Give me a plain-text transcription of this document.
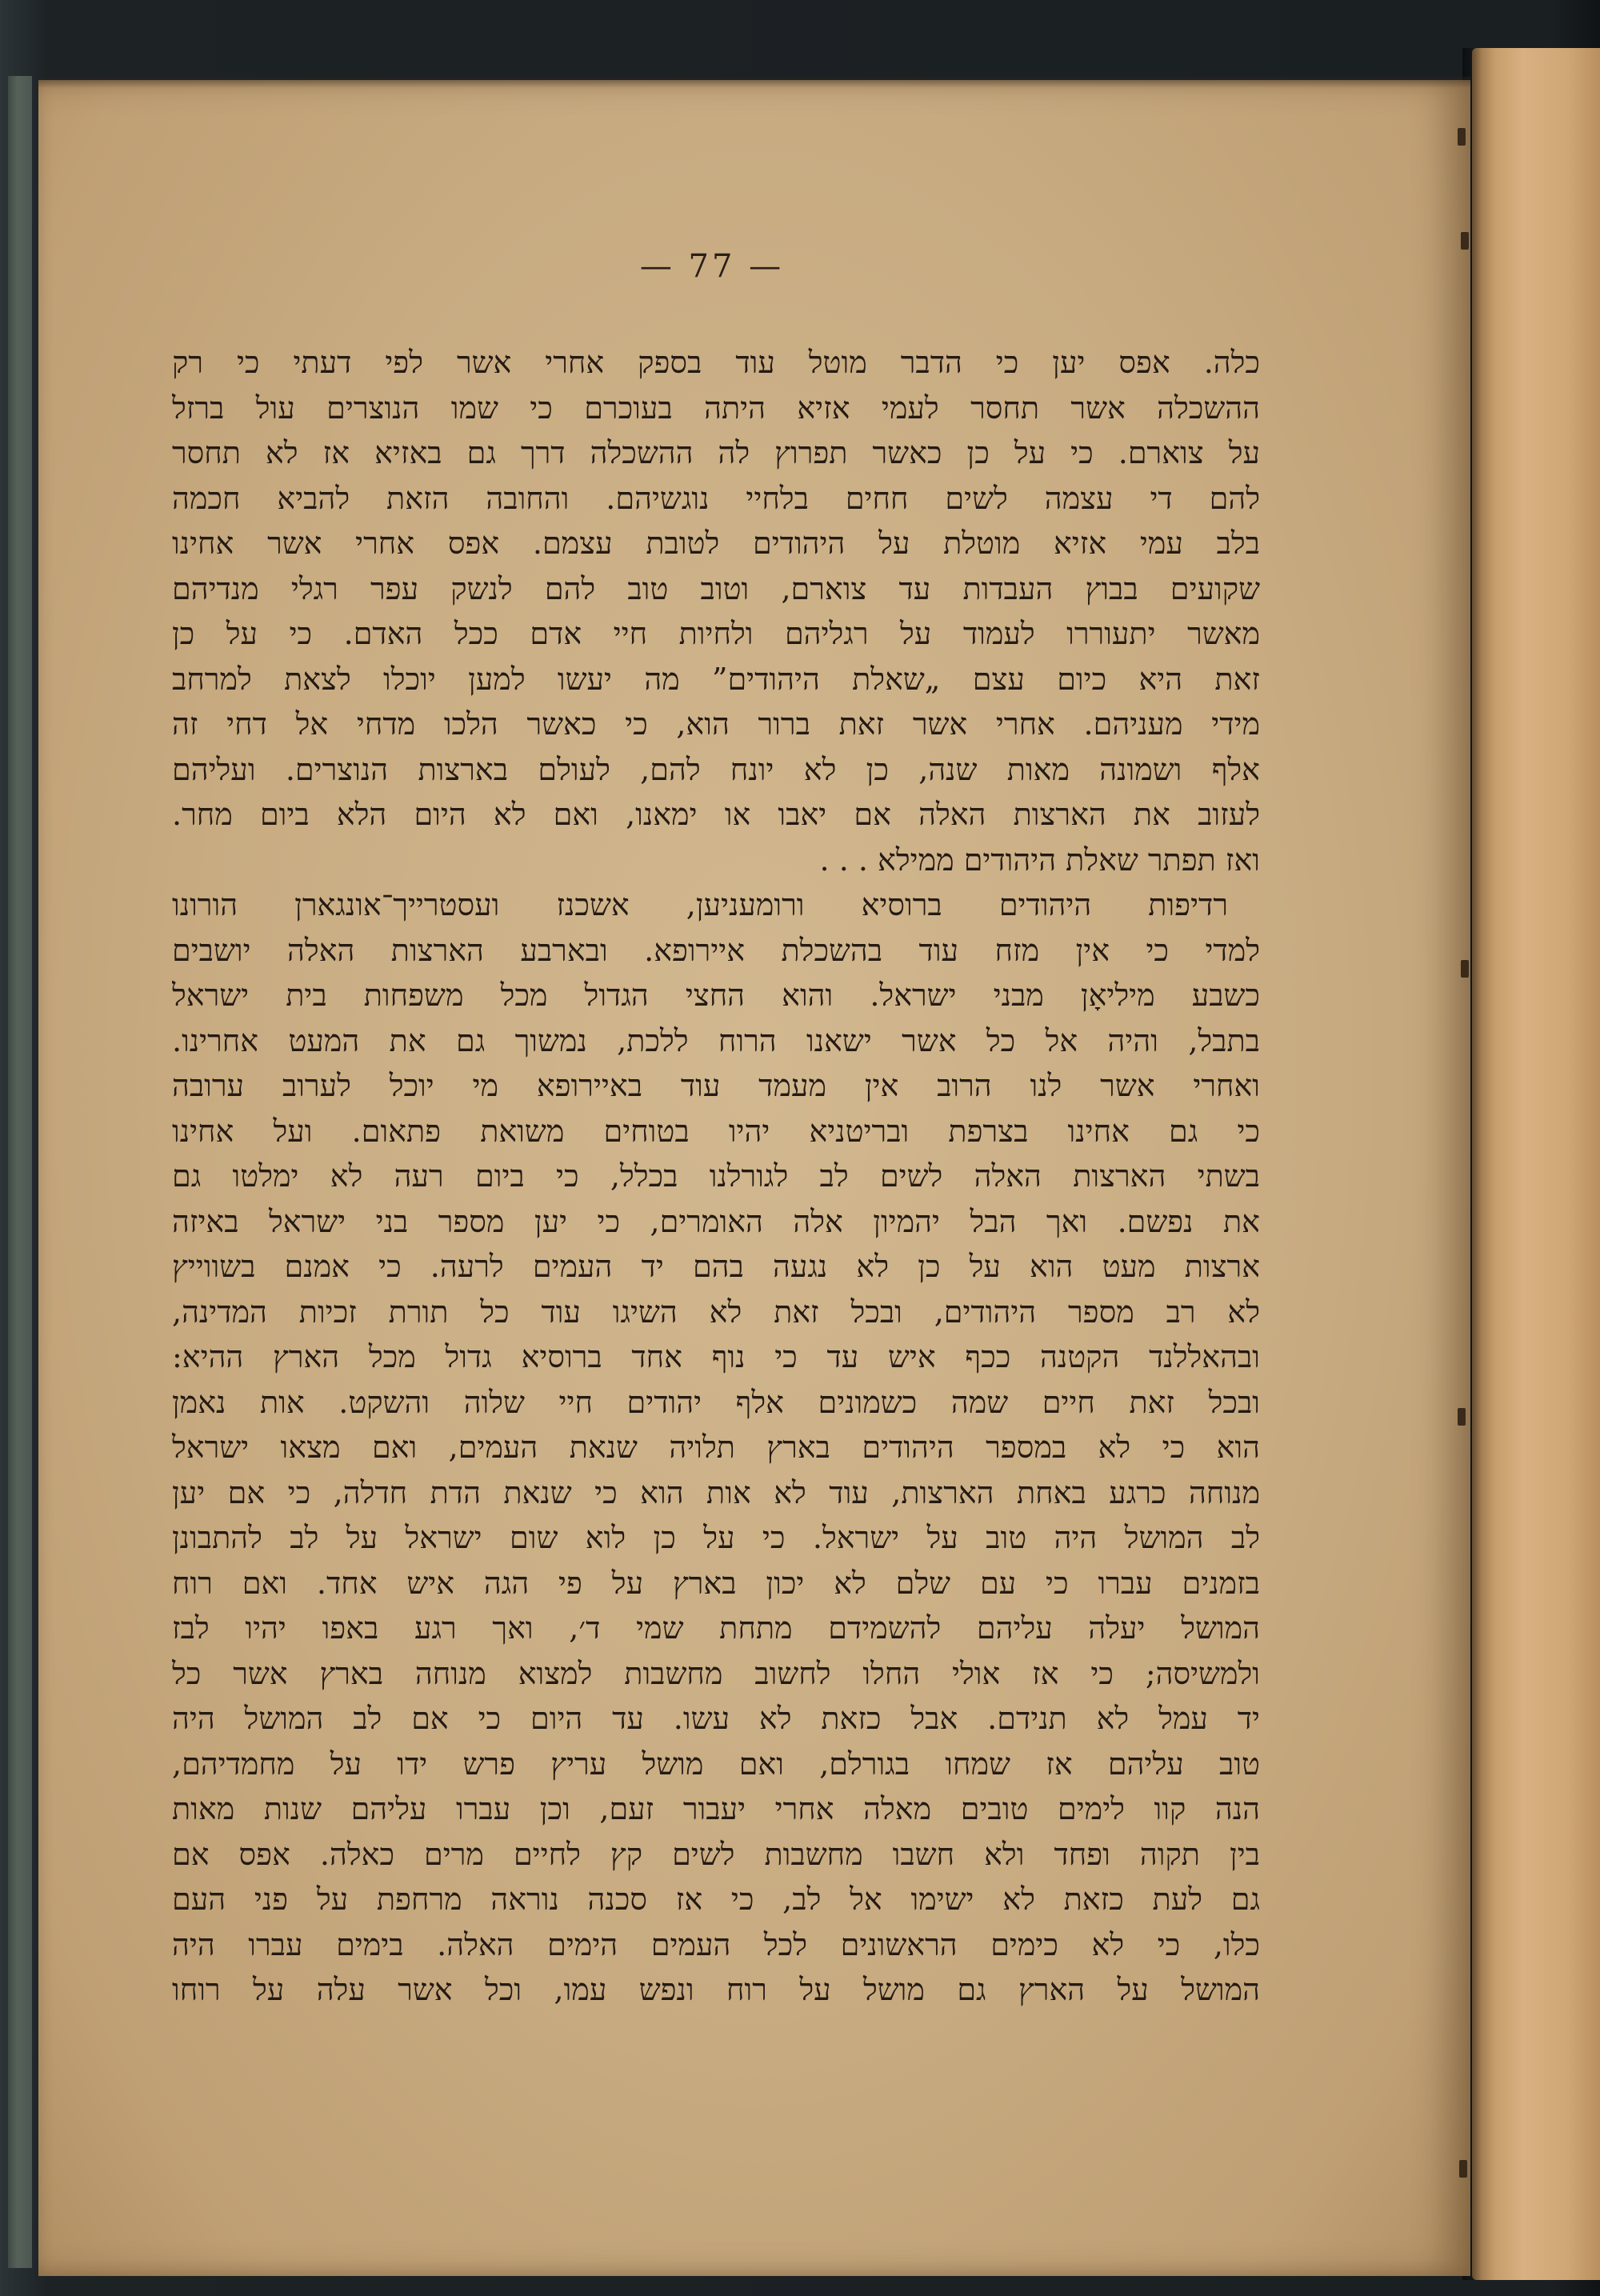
— 77 —
כלה. אפס יען כי הדבר מוטל עוד בספק אחרי אשר לפי דעתי כי רק
ההשכלה אשר תחסר לעמי אזיא היתה בעוכרם כי שמו הנוצרים עול ברזל
על צוארם. כי על כן כאשר תפרוץ לה ההשכלה דרך גם באזיא אז לא תחסר
להם די עצמה לשים חחים בלחיי נוגשיהם. והחובה הזאת להביא חכמה
בלב עמי אזיא מוטלת על היהודים לטובת עצמם. אפס אחרי אשר אחינו
שקועים בבוץ העבדות עד צוארם, וטוב טוב להם לנשק עפר רגלי מנדיהם
מאשר יתעוררו לעמוד על רגליהם ולחיות חיי אדם ככל האדם. כי על כן
זאת היא כיום עצם „שאלת היהודים” מה יעשו למען יוכלו לצאת למרחב
מידי מעניהם. אחרי אשר זאת ברור הוא, כי כאשר הלכו מדחי אל דחי זה
אלף ושמונה מאות שנה, כן לא יונח להם, לעולם בארצות הנוצרים. ועליהם
לעזוב את הארצות האלה אם יאבו או ימאנו, ואם לא היום הלא ביום מחר.
ואז תפתר שאלת היהודים ממילא . . .
רדיפות היהודים ברוסיא ורומעניען, אשכנז ועסטרייך־אונגארן הורונו
למדי כי אין מזח עוד בהשכלת איירופא. ובארבע הארצות האלה יושבים
כשבע מיליאָן מבני ישראל. והוא החצי הגדול מכל משפחות בית ישראל
בתבל, והיה אל כל אשר ישאנו הרוח ללכת, נמשוך גם את המעט אחרינו.
ואחרי אשר לנו הרוב אין מעמד עוד באיירופא מי יוכל לערוב ערובה
כי גם אחינו בצרפת ובריטניא יהיו בטוחים משואת פתאום. ועל אחינו
בשתי הארצות האלה לשים לב לגורלנו בכלל, כי ביום רעה לא ימלטו גם
את נפשם. ואך הבל יהמיון אלה האומרים, כי יען מספר בני ישראל באיזה
ארצות מעט הוא על כן לא נגעה בהם יד העמים לרעה. כי אמנם בשווייץ
לא רב מספר היהודים, ובכל זאת לא השיגו עוד כל תורת זכיות המדינה,
ובהאללנד הקטנה ככף איש עד כי נוף אחד ברוסיא גדול מכל הארץ ההיא:
ובכל זאת חיים שמה כשמונים אלף יהודים חיי שלוה והשקט. אות נאמן
הוא כי לא במספר היהודים בארץ תלויה שנאת העמים, ואם מצאו ישראל
מנוחה כרגע באחת הארצות, עוד לא אות הוא כי שנאת הדת חדלה, כי אם יען
לב המושל היה טוב על ישראל. כי על כן לוא שום ישראל על לב להתבונן
בזמנים עברו כי עם שלם לא יכון בארץ על פי הגה איש אחד. ואם רוח
המושל יעלה עליהם להשמידם מתחת שמי ד׳, ואך רגע באפו יהיו לבז
ולמשיסה; כי אז אולי החלו לחשוב מחשבות למצוא מנוחה בארץ אשר כל
יד עמל לא תנידם. אבל כזאת לא עשו. עד היום כי אם לב המושל היה
טוב עליהם אז שמחו בגורלם, ואם מושל עריץ פרש ידו על מחמדיהם,
הנה קוו לימים טובים מאלה אחרי יעבור זעם, וכן עברו עליהם שנות מאות
בין תקוה ופחד ולא חשבו מחשבות לשים קץ לחיים מרים כאלה. אפס אם
גם לעת כזאת לא ישימו אל לב, כי אז סכנה נוראה מרחפת על פני העם
כלו, כי לא כימים הראשונים לכל העמים הימים האלה. בימים עברו היה
המושל על הארץ גם מושל על רוח ונפש עמו, וכל אשר עלה על רוחו
